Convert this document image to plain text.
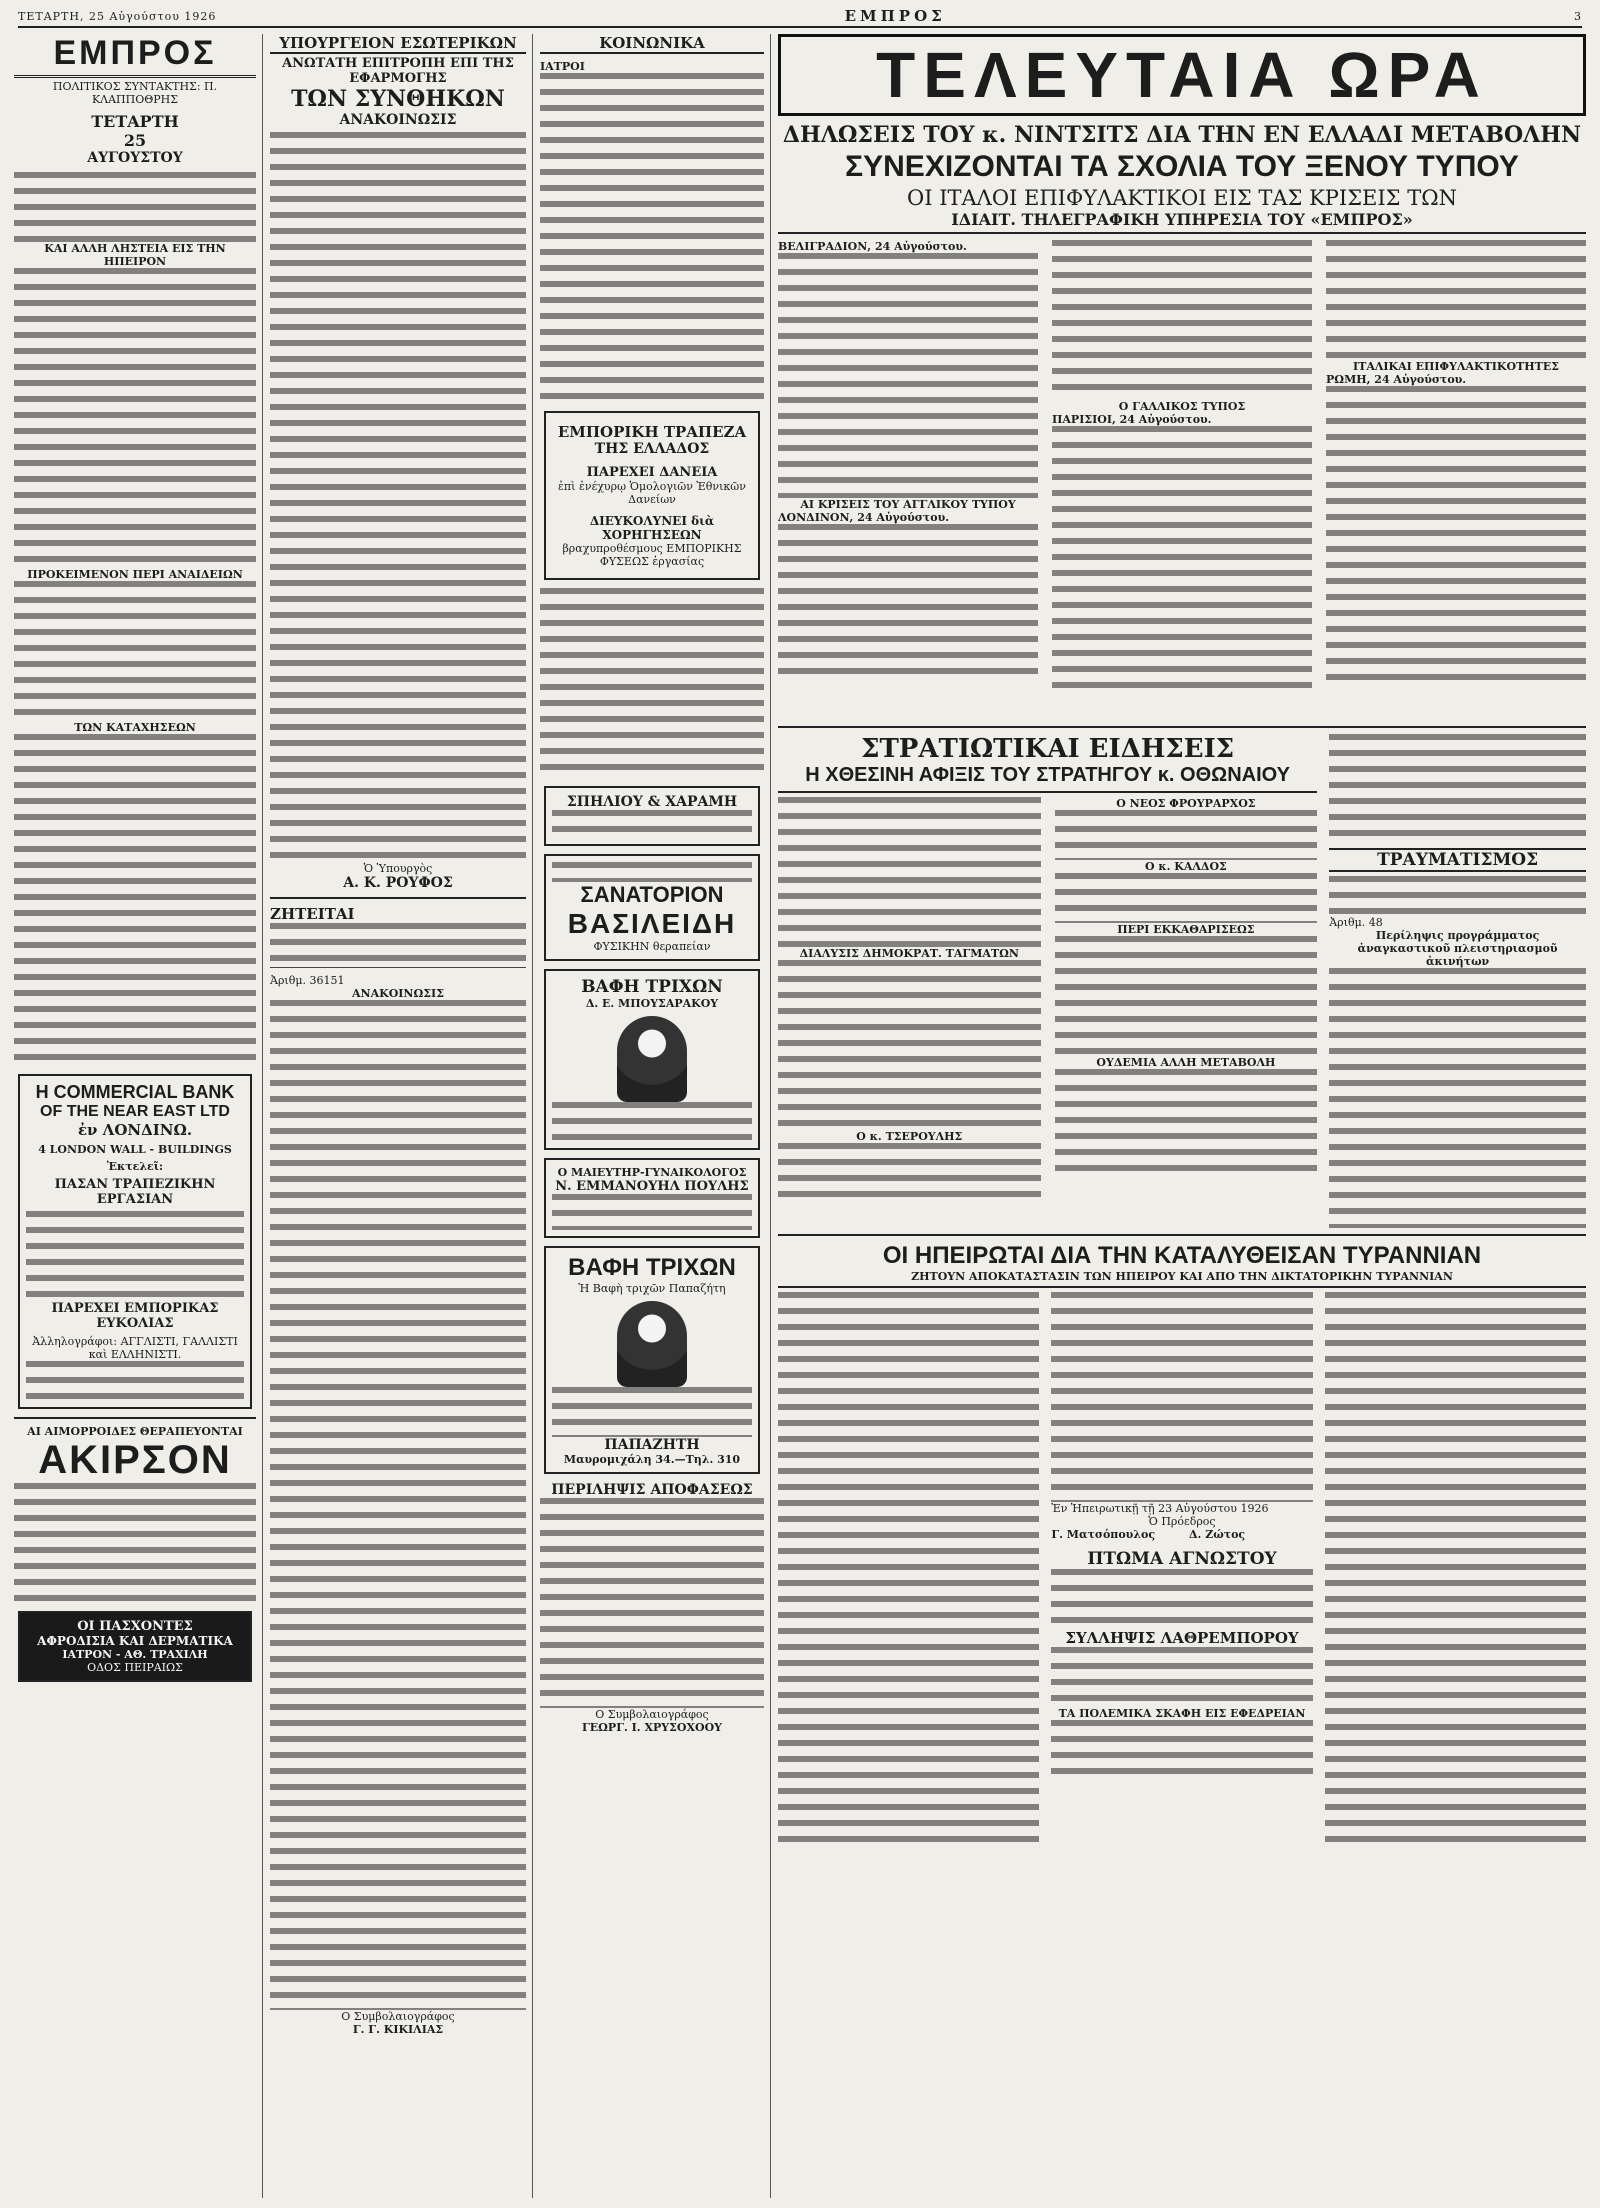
ΤΕΤΑΡΤΗ, 25 Αὐγούστου 1926	ΕΜΠΡΟΣ	3
ΕΜΠΡΟΣ
ΠΟΛΙΤΙΚΟΣ ΣΥΝΤΑΚΤΗΣ: Π. ΚΛΑΠΠΟΘΡΗΣ
ΤΕΤΑΡΤΗ
25
ΑΥΓΟΥΣΤΟΥ
ΚΑΙ ΑΛΛΗ ΛΗΣΤΕΙΑ ΕΙΣ ΤΗΝ ΗΠΕΙΡΟΝ
ΠΡΟΚΕΙΜΕΝΟΝ ΠΕΡΙ ΑΝΑΙΔΕΙΩΝ
ΤΩΝ ΚΑΤΑΧΗΣΕΩΝ
Η COMMERCIAL BANK
OF THE NEAR EAST LTD
ἐν ΛΟΝΔΙΝΩ.
4 LONDON WALL - BUILDINGS
Ἐκτελεῖ:
ΠΑΣΑΝ ΤΡΑΠΕΖΙΚΗΝ ΕΡΓΑΣΙΑΝ
ΠΑΡΕΧΕΙ ΕΜΠΟΡΙΚΑΣ ΕΥΚΟΛΙΑΣ
Ἀλληλογράφοι: ΑΓΓΛΙΣΤΙ, ΓΑΛΛΙΣΤΙ καὶ ΕΛΛΗΝΙΣΤΙ.
ΑΙ ΑΙΜΟΡΡΟΙΔΕΣ ΘΕΡΑΠΕΥΟΝΤΑΙ
ΑΚΙΡΣΟΝ
ΟΙ ΠΑΣΧΟΝΤΕΣ
ΑΦΡΟΔΙΣΙΑ ΚΑΙ ΔΕΡΜΑΤΙΚΑ
ΙΑΤΡΟΝ - ΑΘ. ΤΡΑΧΙΛΗ
ΟΔΟΣ ΠΕΙΡΑΙΩΣ
ΥΠΟΥΡΓΕΙΟΝ ΕΣΩΤΕΡΙΚΩΝ
ΑΝΩΤΑΤΗ ΕΠΙΤΡΟΠΗ ΕΠΙ ΤΗΣ ΕΦΑΡΜΟΓΗΣ
ΤΩΝ ΣΥΝΘΗΚΩΝ
ΑΝΑΚΟΙΝΩΣΙΣ
Ὁ Ὑπουργὸς
Α. Κ. ΡΟΥΦΟΣ
ΖΗΤΕΙΤΑΙ
Ἀριθμ. 36151
ΑΝΑΚΟΙΝΩΣΙΣ
Ο Συμβολαιογράφος
Γ. Γ. ΚΙΚΙΛΙΑΣ
ΚΟΙΝΩΝΙΚΑ
ΙΑΤΡΟΙ
ΕΜΠΟΡΙΚΗ ΤΡΑΠΕΖΑ
ΤΗΣ ΕΛΛΑΔΟΣ
ΠΑΡΕΧΕΙ ΔΑΝΕΙΑ
ἐπὶ ἐνέχυρῳ Ὁμολογιῶν Ἐθνικῶν Δανείων
ΔΙΕΥΚΟΛΥΝΕΙ διὰ ΧΟΡΗΓΗΣΕΩΝ
βραχυπροθέσμους ΕΜΠΟΡΙΚΗΣ ΦΥΣΕΩΣ ἐργασίας
ΣΠΗΛΙΟΥ & ΧΑΡΑΜΗ
ΣΑΝΑΤΟΡΙΟΝ
ΒΑΣΙΛΕΙΔΗ
ΦΥΣΙΚΗΝ θεραπείαν
ΒΑΦΗ ΤΡΙΧΩΝ
Δ. Ε. ΜΠΟΥΣΑΡΑΚΟΥ
Ο ΜΑΙΕΥΤΗΡ-ΓΥΝΑΙΚΟΛΟΓΟΣ
Ν. ΕΜΜΑΝΟΥΗΛ ΠΟΥΛΗΣ
ΒΑΦΗ ΤΡΙΧΩΝ
Ἡ Βαφὴ τριχῶν Παπαζήτη
ΠΑΠΑΖΗΤΗ
Μαυρομιχάλη 34.—Τηλ. 310
ΠΕΡΙΛΗΨΙΣ ΑΠΟΦΑΣΕΩΣ
Ο Συμβολαιογράφος
ΓΕΩΡΓ. Ι. ΧΡΥΣΟΧΟΟΥ
ΤΕΛΕΥΤΑΙΑ ΩΡΑ
ΔΗΛΩΣΕΙΣ ΤΟΥ κ. ΝΙΝΤΣΙΤΣ ΔΙΑ ΤΗΝ ΕΝ ΕΛΛΑΔΙ ΜΕΤΑΒΟΛΗΝ
ΣΥΝΕΧΙΖΟΝΤΑΙ ΤΑ ΣΧΟΛΙΑ ΤΟΥ ΞΕΝΟΥ ΤΥΠΟΥ
ΟΙ ΙΤΑΛΟΙ ΕΠΙΦΥΛΑΚΤΙΚΟΙ ΕΙΣ ΤΑΣ ΚΡΙΣΕΙΣ ΤΩΝ
ΙΔΙΑΙΤ. ΤΗΛΕΓΡΑΦΙΚΗ ΥΠΗΡΕΣΙΑ ΤΟΥ «ΕΜΠΡΟΣ»
ΒΕΛΙΓΡΑΔΙΟΝ, 24 Αὐγούστου.
ΑΙ ΚΡΙΣΕΙΣ ΤΟΥ ΑΓΓΛΙΚΟΥ ΤΥΠΟΥ
ΛΟΝΔΙΝΟΝ, 24 Αὐγούστου.
Ο ΓΑΛΛΙΚΟΣ ΤΥΠΟΣ
ΠΑΡΙΣΙΟΙ, 24 Αὐγούστου.
ΙΤΑΛΙΚΑΙ ΕΠΙΦΥΛΑΚΤΙΚΟΤΗΤΕΣ
ΡΩΜΗ, 24 Αὐγούστου.
ΣΤΡΑΤΙΩΤΙΚΑΙ ΕΙΔΗΣΕΙΣ
Η ΧΘΕΣΙΝΗ ΑΦΙΞΙΣ ΤΟΥ ΣΤΡΑΤΗΓΟΥ κ. ΟΘΩΝΑΙΟΥ
ΔΙΑΛΥΣΙΣ ΔΗΜΟΚΡΑΤ. ΤΑΓΜΑΤΩΝ
Ο κ. ΤΣΕΡΟΥΛΗΣ
Ο ΝΕΟΣ ΦΡΟΥΡΑΡΧΟΣ
Ο κ. ΚΑΛΔΟΣ
ΠΕΡΙ ΕΚΚΑΘΑΡΙΣΕΩΣ
ΟΥΔΕΜΙΑ ΑΛΛΗ ΜΕΤΑΒΟΛΗ
ΤΡΑΥΜΑΤΙΣΜΟΣ
Ἀριθμ. 48
Περίληψις προγράμματος ἀναγκαστικοῦ πλειστηριασμοῦ ἀκινήτων
ΟΙ ΗΠΕΙΡΩΤΑΙ ΔΙΑ ΤΗΝ ΚΑΤΑΛΥΘΕΙΣΑΝ ΤΥΡΑΝΝΙΑΝ
ΖΗΤΟΥΝ ΑΠΟΚΑΤΑΣΤΑΣΙΝ ΤΩΝ ΗΠΕΙΡΟΥ ΚΑΙ ΑΠΟ ΤΗΝ ΔΙΚΤΑΤΟΡΙΚΗΝ ΤΥΡΑΝΝΙΑΝ
Ἐν Ἠπειρωτικῇ τῇ 23 Αὐγούστου 1926
Ὁ Πρόεδρος
Γ. Ματσόπουλος	Δ. Ζώτος
ΠΤΩΜΑ ΑΓΝΩΣΤΟΥ
ΣΥΛΛΗΨΙΣ ΛΑΘΡΕΜΠΟΡΟΥ
ΤΑ ΠΟΛΕΜΙΚΑ ΣΚΑΦΗ ΕΙΣ ΕΦΕΔΡΕΙΑΝ
